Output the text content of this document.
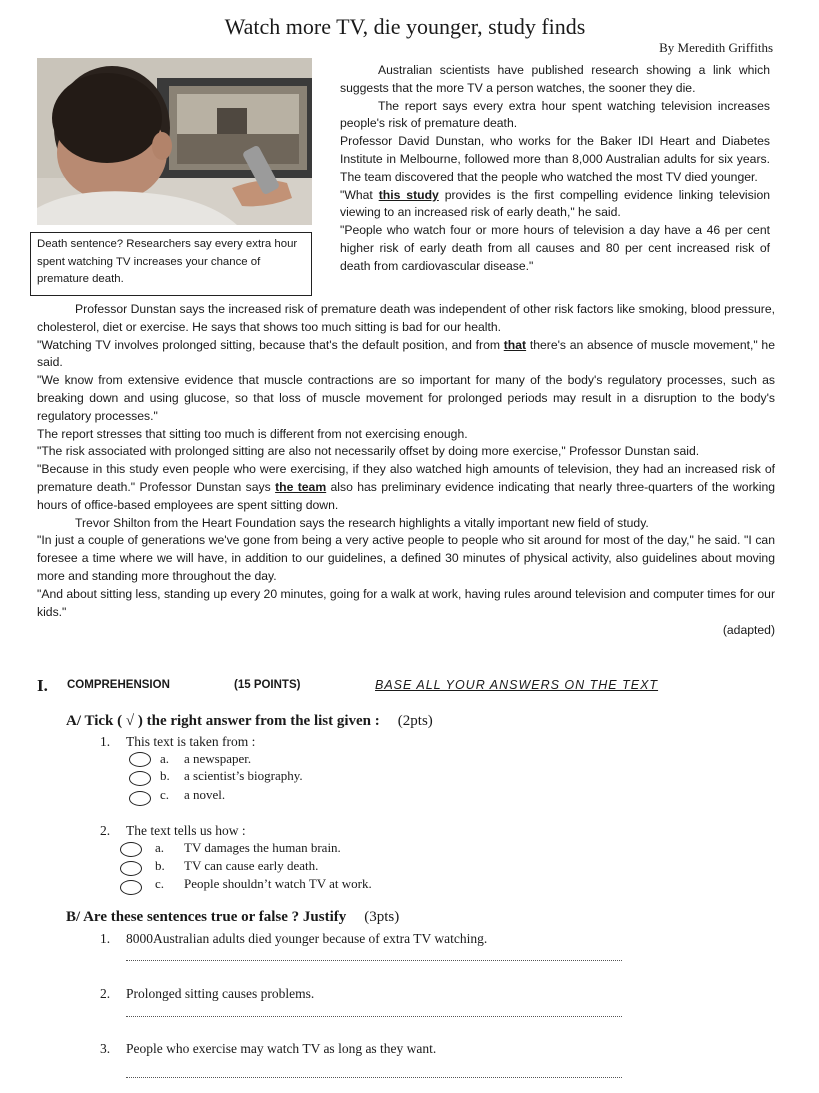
Watch more TV, die younger, study finds
By Meredith Griffiths
Death sentence? Researchers say every extra hour spent watching TV increases your chance of premature death.

Australian scientists have published research showing a link which suggests that the more TV a person watches, the sooner they die.

The report says every extra hour spent watching television increases people's risk of premature death.

Professor David Dunstan, who works for the Baker IDI Heart and Diabetes Institute in Melbourne, followed more than 8,000 Australian adults for six years. The team discovered that the people who watched the most TV died younger.

"What this study provides is the first compelling evidence linking television viewing to an increased risk of early death," he said.

"People who watch four or more hours of television a day have a 46 per cent higher risk of early death from all causes and 80 per cent increased risk of death from cardiovascular disease."

Professor Dunstan says the increased risk of premature death was independent of other risk factors like smoking, blood pressure, cholesterol, diet or exercise. He says that shows too much sitting is bad for our health.

"Watching TV involves prolonged sitting, because that's the default position, and from that there's an absence of muscle movement," he said.

"We know from extensive evidence that muscle contractions are so important for many of the body's regulatory processes, such as breaking down and using glucose, so that loss of muscle movement for prolonged periods may result in a disruption to the body's regulatory processes."

The report stresses that sitting too much is different from not exercising enough.

"The risk associated with prolonged sitting are also not necessarily offset by doing more exercise," Professor Dunstan said.

"Because in this study even people who were exercising, if they also watched high amounts of television, they had an increased risk of premature death." Professor Dunstan says the team also has preliminary evidence indicating that nearly three-quarters of the working hours of office-based employees are spent sitting down.

Trevor Shilton from the Heart Foundation says the research highlights a vitally important new field of study.

"In just a couple of generations we've gone from being a very active people to people who sit around for most of the day," he said. "I can foresee a time where we will have, in addition to our guidelines, a defined 30 minutes of physical activity, also guidelines about moving more and standing more throughout the day.

"And about sitting less, standing up every 20 minutes, going for a walk at work, having rules around television and computer times for our kids."

(adapted)
I. COMPREHENSION	(15 POINTS)	BASE ALL YOUR ANSWERS ON THE TEXT
A/ Tick ( √ ) the right answer from the list given : (2pts)
1. This text is taken from :
a. a newspaper.
b. a scientist’s biography.
c. a novel.
2. The text tells us how :
a. TV damages the human brain.
b. TV can cause early death.
c. People shouldn’t watch TV at work.
B/ Are these sentences true or false ? Justify (3pts)
1. 8000Australian adults died younger because of extra TV watching.
2. Prolonged sitting causes problems.
3. People who exercise may watch TV as long as they want.
